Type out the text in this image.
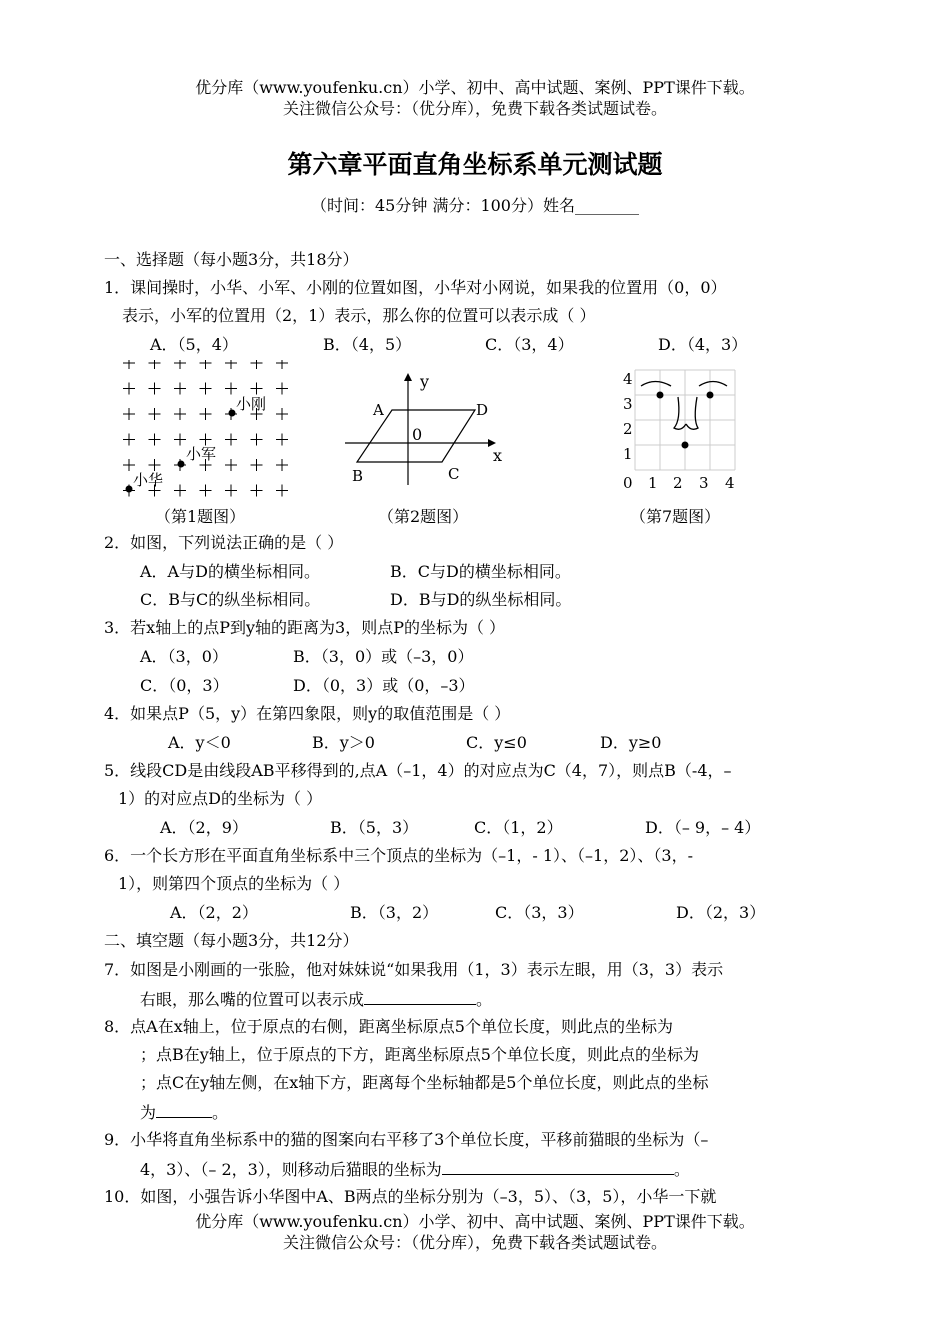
优分库（www.youfenku.cn）小学、初中、高中试题、案例、PPT课件下载。
关注微信公众号：（优分库），免费下载各类试题试卷。
第六章平面直角坐标系单元测试题
（时间：45分钟 满分：100分）姓名________
一、选择题（每小题3分，共18分）
1．课间操时，小华、小军、小刚的位置如图，小华对小网说，如果我的位置用（0，0）
表示，小军的位置用（2，1）表示，那么你的位置可以表示成（ ）
A．（5，4）	B．（4，5）	C．（3，4）	D．（4，3）
小刚
小军
小华
（第1题图）
y
x
0
A	D
B	C
（第2题图）
4
3
2
1
0 1 2 3 4
（第7题图）
2．如图，下列说法正确的是（ ）
A．A与D的横坐标相同。	B．C与D的横坐标相同。
C．B与C的纵坐标相同。	D．B与D的纵坐标相同。
3．若x轴上的点P到y轴的距离为3，则点P的坐标为（ ）
A．（3，0）	B．（3，0）或（–3，0）
C．（0，3）	D．（0，3）或（0，–3）
4．如果点P（5，y）在第四象限，则y的取值范围是（ ）
A．y＜0	B．y＞0	C．y≤0	D．y≥0
5．线段CD是由线段AB平移得到的,点A（–1，4）的对应点为C（4，7），则点B（-4，–
1）的对应点D的坐标为（ ）
A．（2，9）	B．（5，3）	C．（1，2）	D．（– 9，– 4）
6．一个长方形在平面直角坐标系中三个顶点的坐标为（–1，- 1）、（–1，2）、（3，-
1），则第四个顶点的坐标为（ ）
A．（2，2）	B．（3，2）	C．（3，3）	D．（2，3）
二、填空题（每小题3分，共12分）
7．如图是小刚画的一张脸，他对妹妹说“如果我用（1，3）表示左眼，用（3，3）表示
右眼，那么嘴的位置可以表示成	。
8．点A在x轴上，位于原点的右侧，距离坐标原点5个单位长度，则此点的坐标为
；点B在y轴上，位于原点的下方，距离坐标原点5个单位长度，则此点的坐标为
；点C在y轴左侧，在x轴下方，距离每个坐标轴都是5个单位长度，则此点的坐标
为	。
9．小华将直角坐标系中的猫的图案向右平移了3个单位长度，平移前猫眼的坐标为（–
4，3）、（– 2，3），则移动后猫眼的坐标为	。
10．如图，小强告诉小华图中A、B两点的坐标分别为（–3，5）、（3，5），小华一下就
优分库（www.youfenku.cn）小学、初中、高中试题、案例、PPT课件下载。
关注微信公众号：（优分库），免费下载各类试题试卷。
